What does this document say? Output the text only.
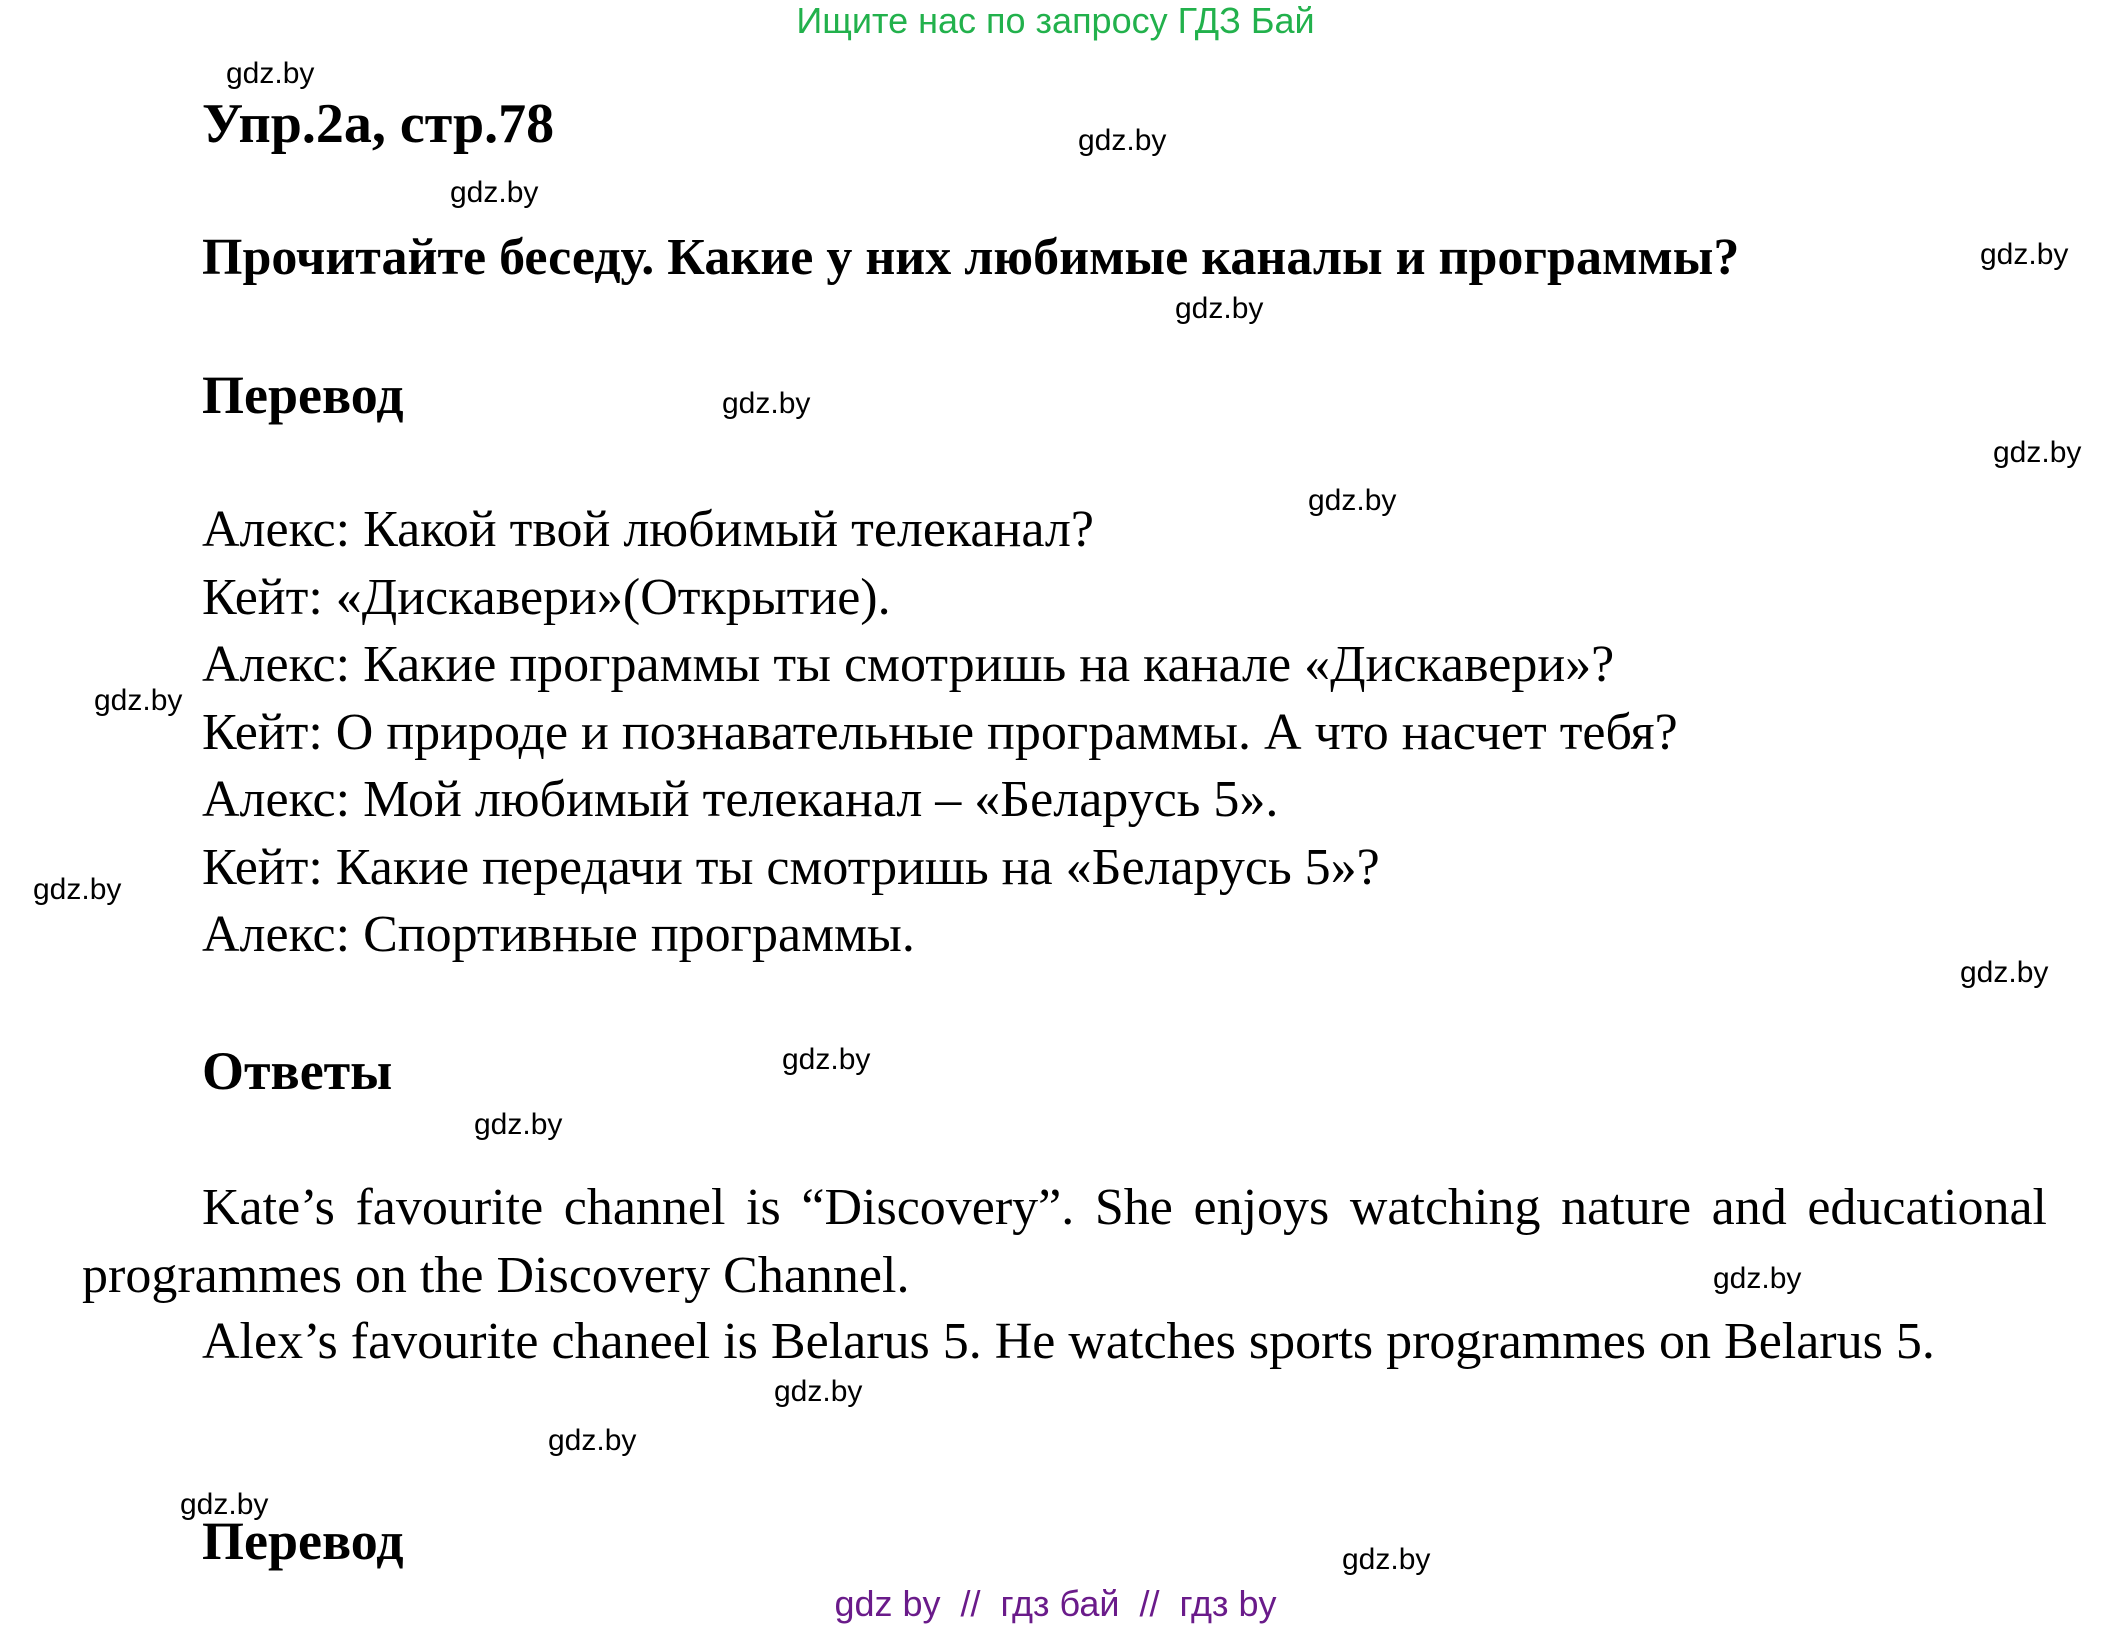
Ищите нас по запросу ГДЗ Бай
gdz.by
gdz.by
gdz.by
gdz.by
gdz.by
gdz.by
gdz.by
gdz.by
gdz.by
gdz.by
gdz.by
gdz.by
gdz.by
gdz.by
gdz.by
gdz.by
gdz.by
gdz.by
Упр.2а, стр.78
Прочитайте беседу. Какие у них любимые каналы и программы?
Перевод
Алекс: Какой твой любимый телеканал?
Кейт: «Дискавери»(Открытие).
Алекс: Какие программы ты смотришь на канале «Дискавери»?
Кейт: О природе и познавательные программы. А что насчет тебя?
Алекс: Мой любимый телеканал – «Беларусь 5».
Кейт: Какие передачи ты смотришь на «Беларусь 5»?
Алекс: Спортивные программы.
Ответы
Kate’s favourite channel is “Discovery”. She enjoys watching nature and educational programmes on the Discovery Channel.
Alex’s favourite chaneel is Belarus 5. He watches sports programmes on Belarus 5.
Перевод
gdz by  //  гдз бай  //  гдз by
